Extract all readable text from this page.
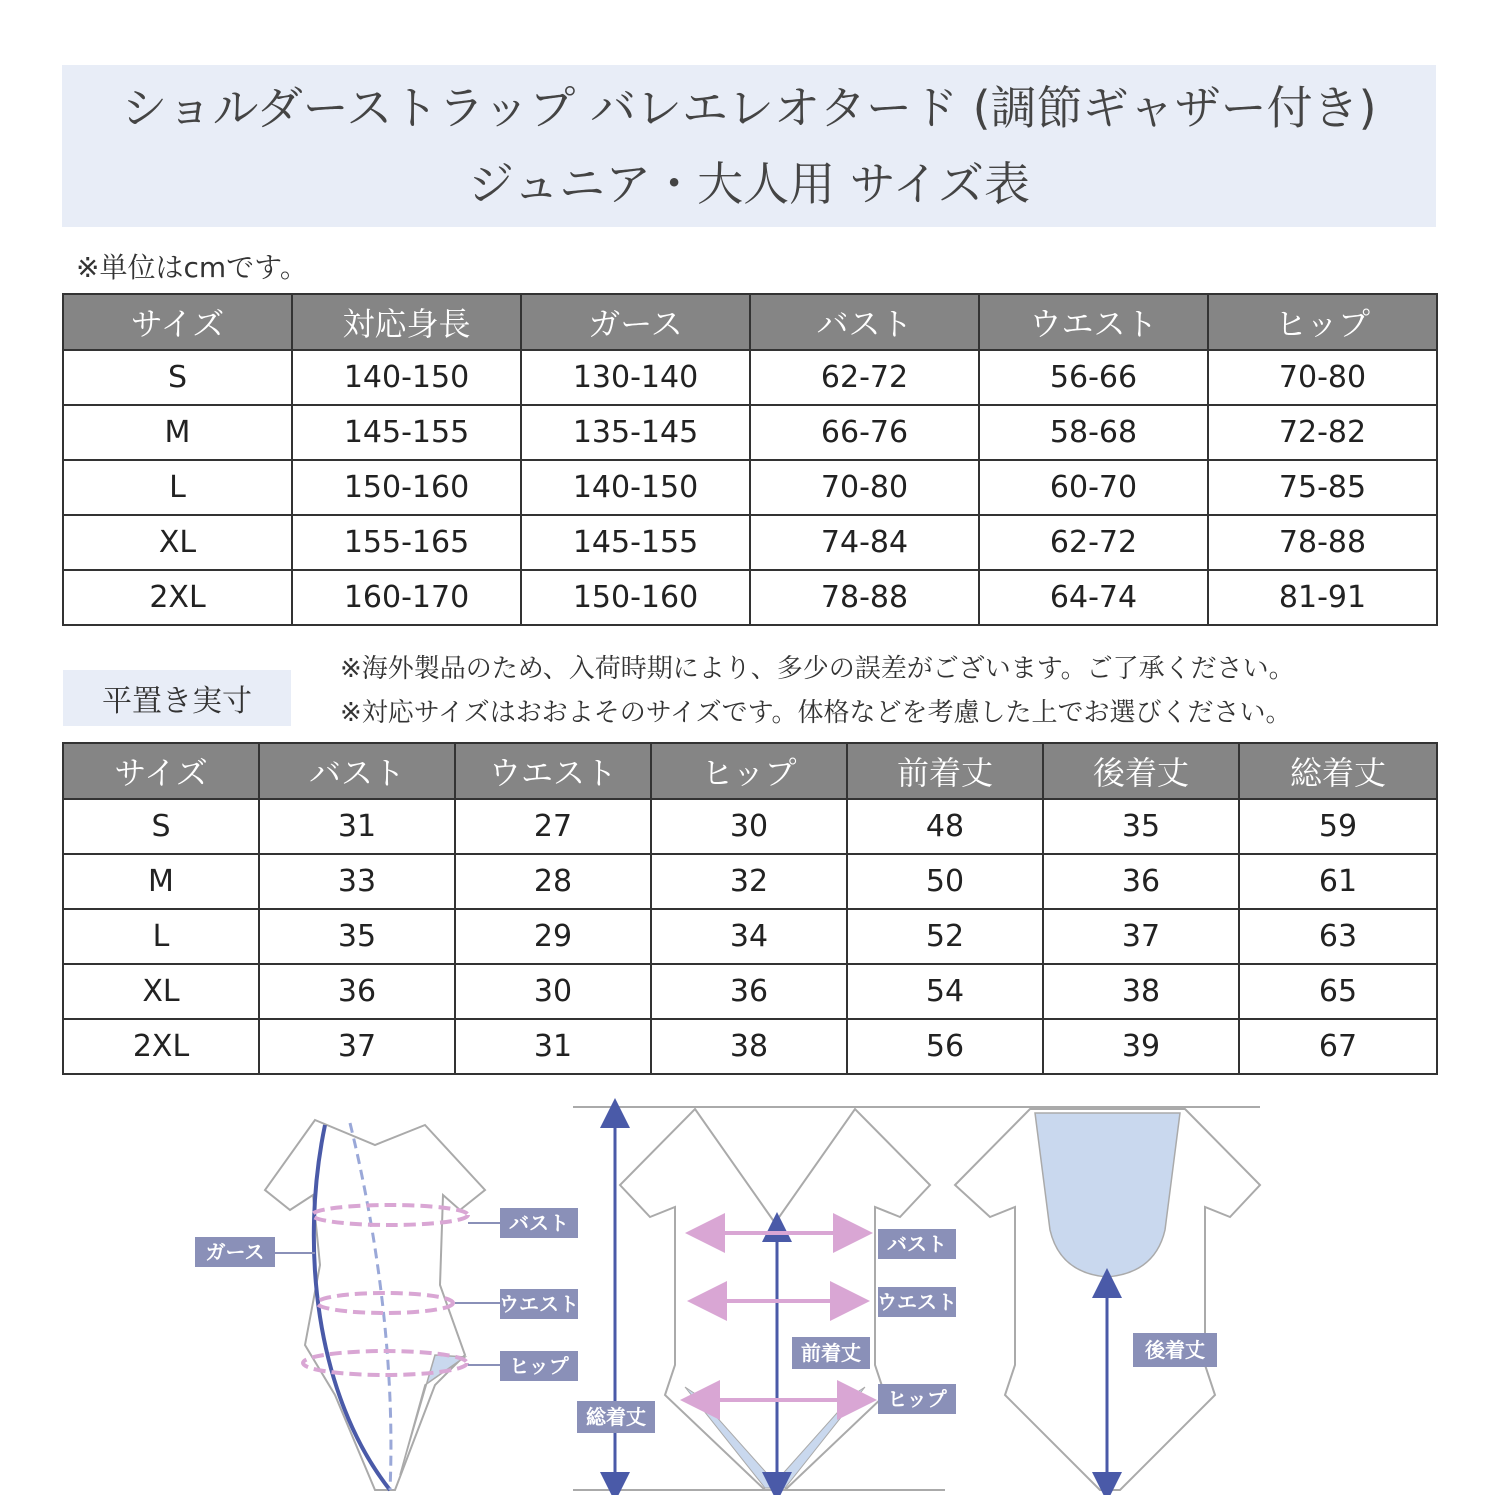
ショルダーストラップ バレエレオタード (調節ギャザー付き)
ジュニア・大人用 サイズ表
※単位はcmです。
サイズ	対応身長	ガース	バスト	ウエスト	ヒップ
S	140-150	130-140	62-72	56-66	70-80
M	145-155	135-145	66-76	58-68	72-82
L	150-160	140-150	70-80	60-70	75-85
XL	155-165	145-155	74-84	62-72	78-88
2XL	160-170	150-160	78-88	64-74	81-91
平置き実寸
※海外製品のため、入荷時期により、多少の誤差がございます。ご了承ください。
※対応サイズはおおよそのサイズです。体格などを考慮した上でお選びください。
サイズ	バスト	ウエスト	ヒップ	前着丈	後着丈	総着丈
S	31	27	30	48	35	59
M	33	28	32	50	36	61
L	35	29	34	52	37	63
XL	36	30	36	54	38	65
2XL	37	31	38	56	39	67
ガース
バスト
ウエスト
ヒップ
バスト
ウエスト
ヒップ
前着丈
総着丈
後着丈
